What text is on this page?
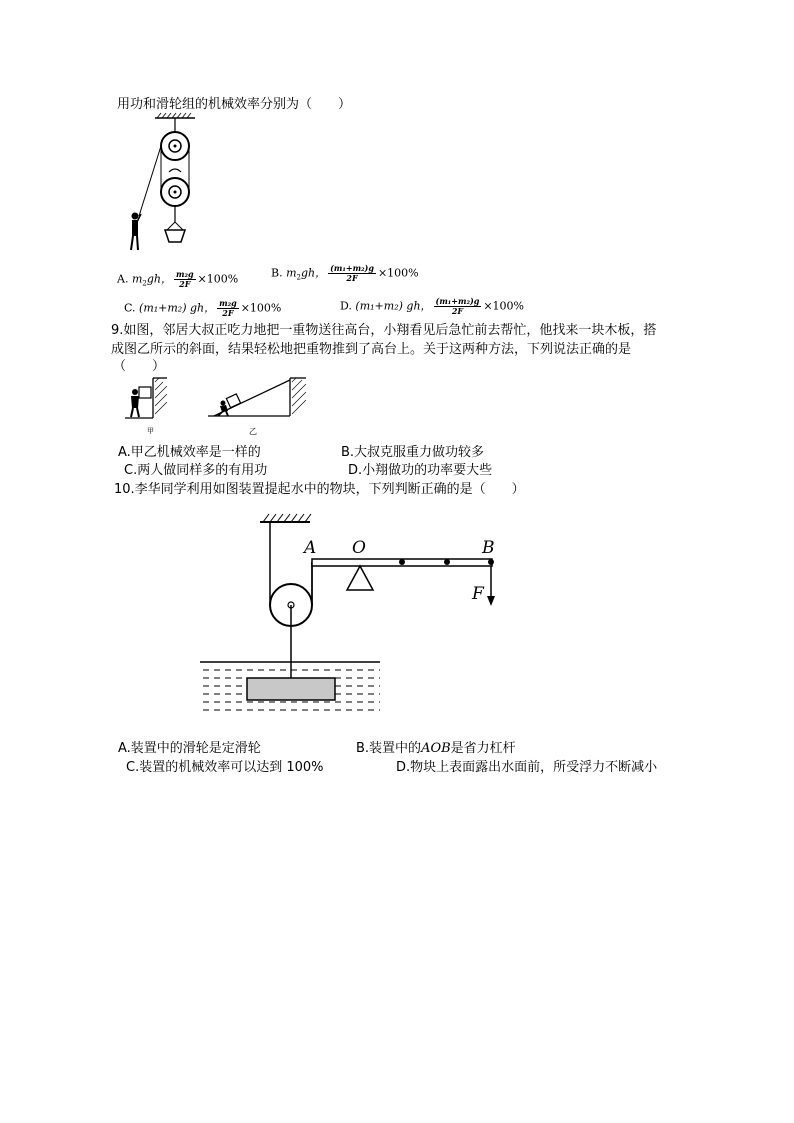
用功和滑轮组的机械效率分别为（　　）
A. $m_2gh$， $\frac{\text{m₂g}}{2F} \times 100\%$	B. $m_2gh$， $\frac{\text{(m₁+m₂)g}}{2F} \times 100\%$
C. (m₁+m₂) gh， $\frac{\text{m₂g}}{2F} \times 100\%$	D. (m₁+m₂) gh， $\frac{\text{(m₁+m₂)g}}{2F} \times 100\%$
9.如图，邻居大叔正吃力地把一重物送往高台，小翔看见后急忙前去帮忙，他找来一块木板，搭
成图乙所示的斜面，结果轻松地把重物推到了高台上。关于这两种方法，下列说法正确的是
（　　）
甲	乙
A.甲乙机械效率是一样的	B.大叔克服重力做功较多
C.两人做同样多的有用功	D.小翔做功的功率要大些
10.李华同学利用如图装置提起水中的物块，下列判断正确的是（　　）
A O	B
F
A.装置中的滑轮是定滑轮	B.装置中的AOB是省力杠杆
C.装置的机械效率可以达到 100%	D.物块上表面露出水面前，所受浮力不断减小
